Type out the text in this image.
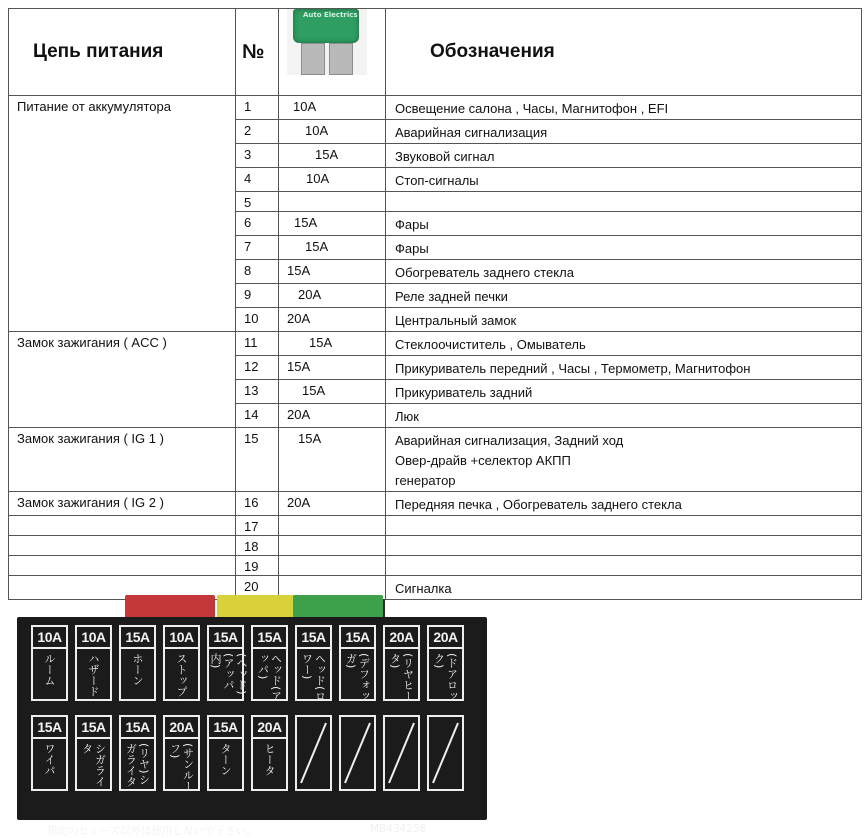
Цепь питания	№	Auto Electrics	Обозначения
Питание от аккумулятора	1	10A	Освещение салона , Часы, Магнитофон , EFI

	2	10A	Аварийная сигнализация

	3	15A	Звуковой сигнал

	4	10A	Стоп-сигналы

	5		

	6	15A	Фары

	7	15A	Фары

	8	15A	Обогреватель заднего стекла

	9	20A	Реле задней печки

	10	20A	Центральный замок

Замок зажигания ( ACC )	11	15A	Стеклоочиститель , Омыватель

	12	15A	Прикуриватель передний , Часы , Термометр, Магнитофон

	13	15A	Прикуриватель задний

	14	20A	Люк

Замок зажигания ( IG 1 )	15	15A	Аварийная сигнализация, Задний ход
Овер-драйв +селектор АКПП
генератор

Замок зажигания ( IG 2 )	16	20A	Передняя печка , Обогреватель заднего стекла

	17		

	18		

	19		

	20		Сигналка
10A
ルーム
10A
ハザード
15A
ホーン
10A
ストップ
15A
(ヘッド)(アッパ内)
15A
ヘッド(アッパ)
15A
ヘッド(ロワー)
15A
(デフォッガ)
20A
(リヤヒータ)
20A
(ドアロック)
15A
ワイパ
15A
シガライタ
15A
(リヤ)シガライタ
20A
(サンルーフ)
15A
ターン
20A
ヒータ
指定のヒューズ以外は使用しないで下さい。	MB434256
